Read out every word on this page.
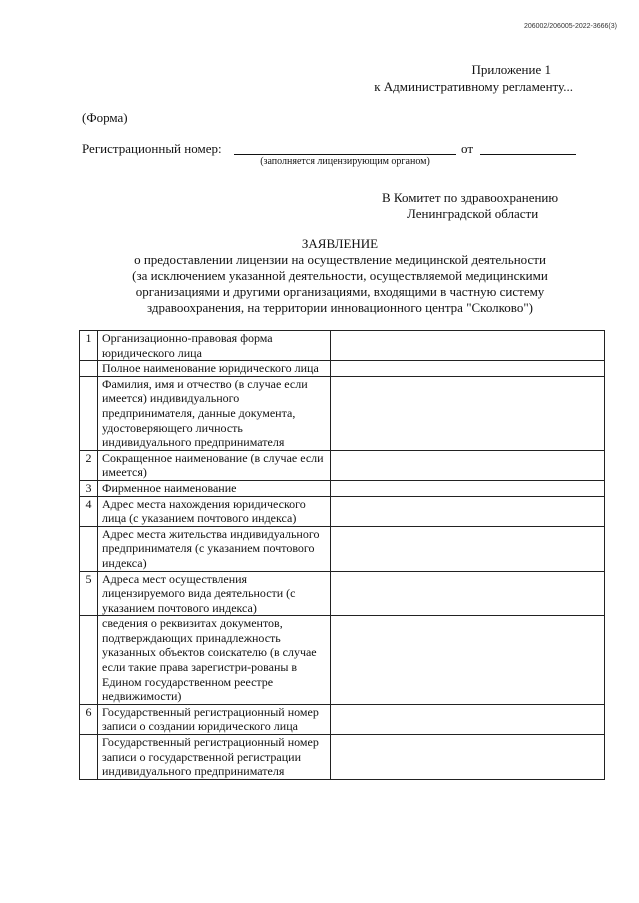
206002/206005-2022-3666(3)
Приложение 1
к Административному регламенту...
(Форма)
Регистрационный номер:	от
(заполняется лицензирующим органом)
В Комитет по здравоохранению
Ленинградской области
ЗАЯВЛЕНИЕ
о предоставлении лицензии на осуществление медицинской деятельности
(за исключением указанной деятельности, осуществляемой медицинскими
организациями и другими организациями, входящими в частную систему
здравоохранения, на территории инновационного центра "Сколково")
1	Организационно-правовая форма юридического лица	
	Полное наименование юридического лица	
	Фамилия, имя и отчество (в случае если имеется) индивидуального предпринимателя, данные документа, удостоверяющего личность индивидуального предпринимателя	
2	Сокращенное наименование (в случае если имеется)	
3	Фирменное наименование	
4	Адрес места нахождения юридического лица (с указанием почтового индекса)	
	Адрес места жительства индивидуального предпринимателя (с указанием почтового индекса)	
5	Адреса мест осуществления лицензируемого вида деятельности (с указанием почтового индекса)	
	сведения о реквизитах документов, подтверждающих принадлежность указанных объектов соискателю (в случае если такие права зарегистри-рованы в Едином государственном реестре недвижимости)	
6	Государственный регистрационный номер записи о создании юридического лица	
	Государственный регистрационный номер записи о государственной регистрации индивидуального предпринимателя	
